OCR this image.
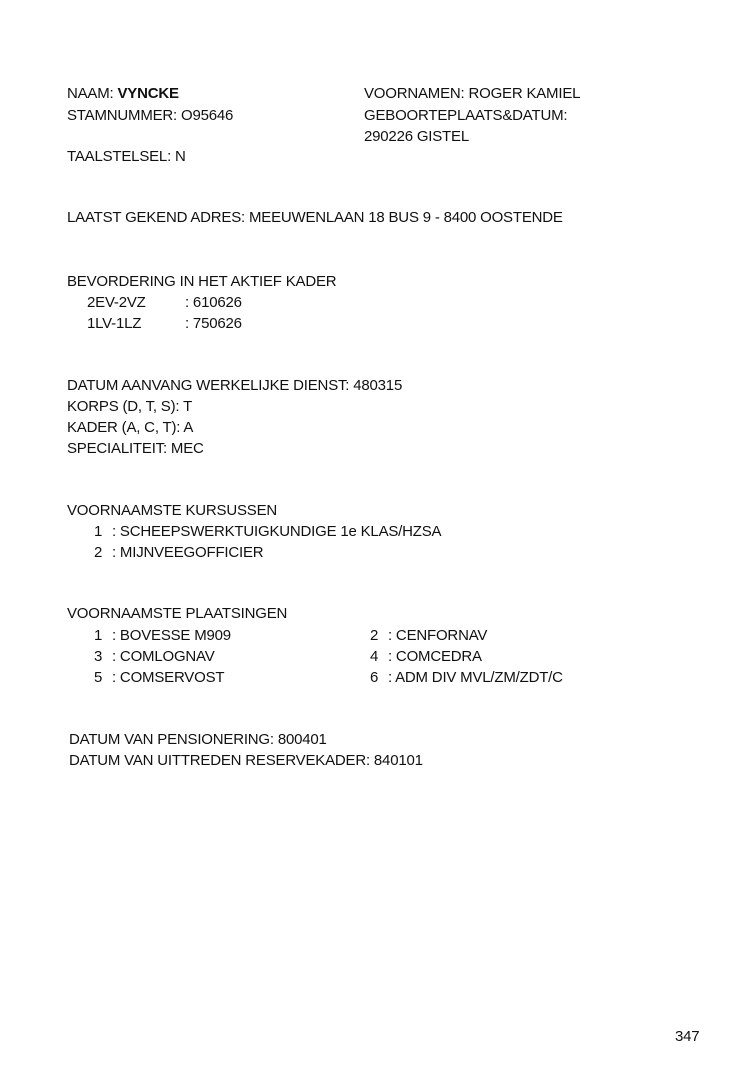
NAAM: VYNCKE
STAMNUMMER: O95646
TAALSTELSEL: N
VOORNAMEN: ROGER KAMIEL
GEBOORTEPLAATS&DATUM:
290226 GISTEL
LAATST GEKEND ADRES: MEEUWENLAAN 18 BUS 9 - 8400 OOSTENDE
BEVORDERING IN HET AKTIEF KADER
2EV-2VZ	: 610626
1LV-1LZ	: 750626
DATUM AANVANG WERKELIJKE DIENST: 480315
KORPS (D, T, S): T
KADER (A, C, T): A
SPECIALITEIT: MEC
VOORNAAMSTE KURSUSSEN
1 : SCHEEPSWERKTUIGKUNDIGE 1e KLAS/HZSA
2 : MIJNVEEGOFFICIER
VOORNAAMSTE PLAATSINGEN
1 : BOVESSE M909	2 : CENFORNAV
3 : COMLOGNAV	4 : COMCEDRA
5 : COMSERVOST	6 : ADM DIV MVL/ZM/ZDT/C
DATUM VAN PENSIONERING: 800401
DATUM VAN UITTREDEN RESERVEKADER: 840101
347
